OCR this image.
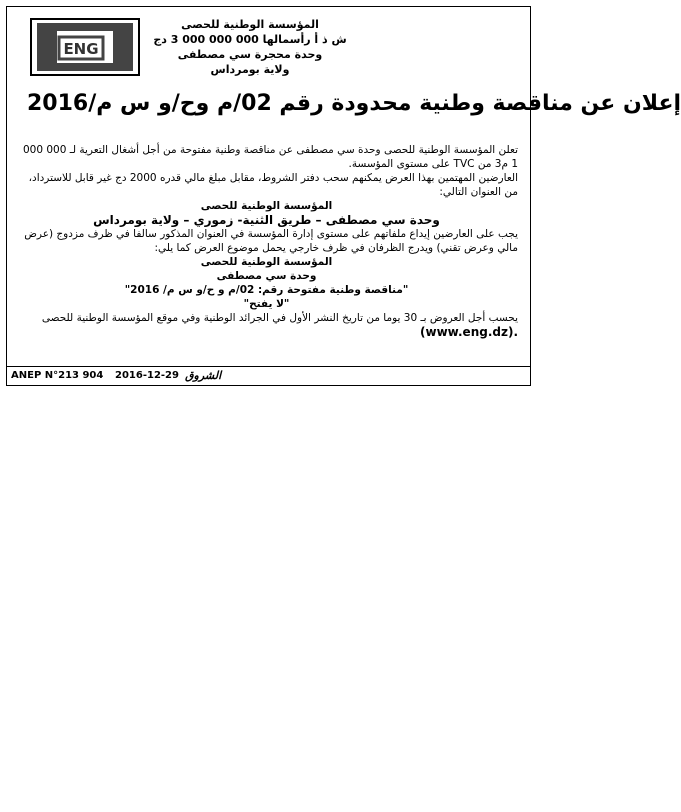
ENG
المؤسسة الوطنية للحصى
ش ذ أ رأسمالها 000 000 000 3 دج
وحدة محجرة سي مصطفى
ولاية بومرداس
إعلان عن مناقصة وطنية محدودة رقم 02/م وح/و س م/2016

تعلن المؤسسة الوطنية للحصى وحدة سي مصطفى عن مناقصة وطنية مفتوحة من أجل أشغال التعرية لـ 000 000 1 م3 من TVC على مستوى المؤسسة.

العارضين المهتمين بهذا العرض يمكنهم سحب دفتر الشروط، مقابل مبلغ مالي قدره 2000 دج غير قابل للاسترداد، من العنوان التالي:

المؤسسة الوطنية للحصى

وحدة سي مصطفى – طريق الثنية- زموري – ولاية بومرداس

يجب على العارضين إيداع ملفاتهم على مستوى إدارة المؤسسة في العنوان المذكور سالفا في ظرف مزدوج (عرض مالي وعرض تقني) ويدرج الظرفان في ظرف خارجي يحمل موضوع العرض كما يلي:

المؤسسة الوطنية للحصى

وحدة سي مصطفى

"مناقصة وطنية مفتوحة رقم: 02/م و ح/و س م/ 2016"

"لا يفتح"

يحسب أجل العروض بـ 30 يوما من تاريخ النشر الأول في الجرائد الوطنية وفي موقع المؤسسة الوطنية للحصى (www.eng.dz).

ANEP N°213 904 2016-12-29 الشروق
